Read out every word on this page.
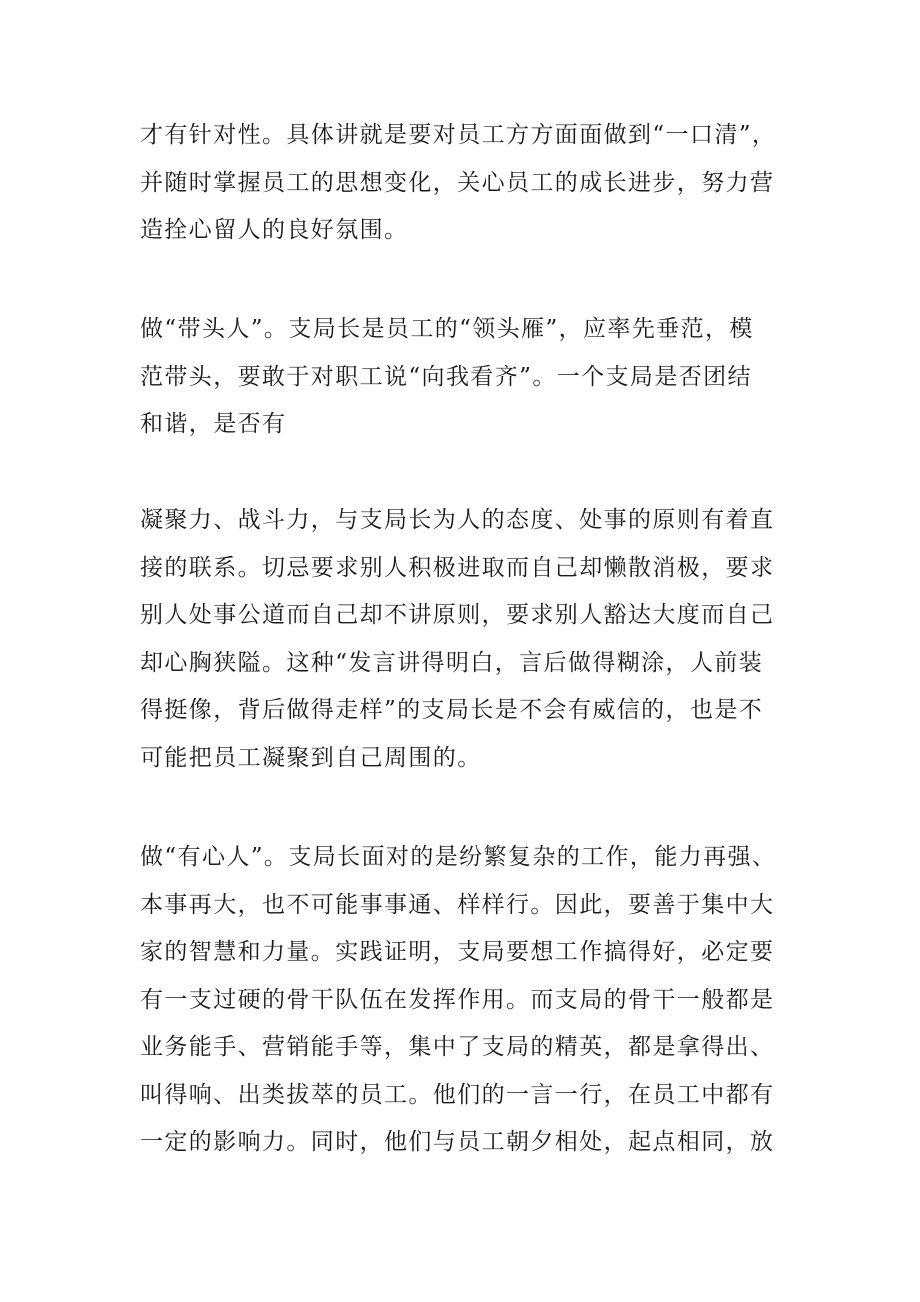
才有针对性。具体讲就是要对员工方方面面做到“一口清”，
并随时掌握员工的思想变化，关心员工的成长进步，努力营
造拴心留人的良好氛围。

做“带头人”。支局长是员工的“领头雁”，应率先垂范，模
范带头，要敢于对职工说“向我看齐”。一个支局是否团结
和谐，是否有

凝聚力、战斗力，与支局长为人的态度、处事的原则有着直
接的联系。切忌要求别人积极进取而自己却懒散消极，要求
别人处事公道而自己却不讲原则，要求别人豁达大度而自己
却心胸狭隘。这种“发言讲得明白，言后做得糊涂，人前装
得挺像，背后做得走样”的支局长是不会有威信的，也是不
可能把员工凝聚到自己周围的。

做“有心人”。支局长面对的是纷繁复杂的工作，能力再强、
本事再大，也不可能事事通、样样行。因此，要善于集中大
家的智慧和力量。实践证明，支局要想工作搞得好，必定要
有一支过硬的骨干队伍在发挥作用。而支局的骨干一般都是
业务能手、营销能手等，集中了支局的精英，都是拿得出、
叫得响、出类拔萃的员工。他们的一言一行，在员工中都有
一定的影响力。同时，他们与员工朝夕相处，起点相同，放
